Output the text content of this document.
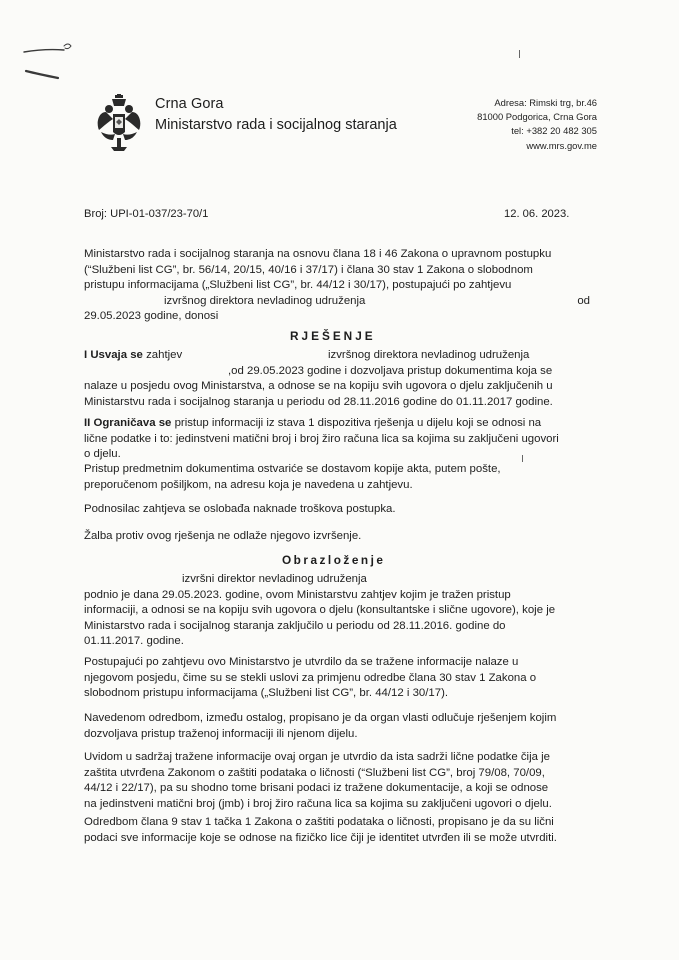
Crna Gora
Ministarstvo rada i socijalnog staranja
Adresa: Rimski trg, br.46
81000 Podgorica, Crna Gora
tel: +382 20 482 305
www.mrs.gov.me
Broj: UPI-01-037/23-70/1	12. 06. 2023.
Ministarstvo rada i socijalnog staranja na osnovu člana 18 i 46 Zakona o upravnom postupku
(“Službeni list CG”, br. 56/14, 20/15, 40/16 i 37/17) i člana 30 stav 1 Zakona o slobodnom
pristupu informacijama („Službeni list CG”, br. 44/12 i 30/17), postupajući po zahtjevu
izvršnog direktora nevladinog udruženja	od
29.05.2023 godine, donosi
RJEŠENJE
I Usvaja se zahtjev	izvršnog direktora nevladinog udruženja
,od 29.05.2023 godine i dozvoljava pristup dokumentima koja se
nalaze u posjedu ovog Ministarstva, a odnose se na kopiju svih ugovora o djelu zaključenih u
Ministarstvu rada i socijalnog staranja u periodu od 28.11.2016 godine do 01.11.2017 godine.
II Ograničava se pristup informaciji iz stava 1 dispozitiva rješenja u dijelu koji se odnosi na
lične podatke i to: jedinstveni matični broj i broj žiro računa lica sa kojima su zaključeni ugovori
o djelu.
Pristup predmetnim dokumentima ostvariće se dostavom kopije akta, putem pošte,
preporučenom pošiljkom, na adresu koja je navedena u zahtjevu.
Podnosilac zahtjeva se oslobađa naknade troškova postupka.
Žalba protiv ovog rješenja ne odlaže njegovo izvršenje.
Obrazloženje
izvršni direktor nevladinog udruženja
podnio je dana 29.05.2023. godine, ovom Ministarstvu zahtjev kojim je tražen pristup
informaciji, a odnosi se na kopiju svih ugovora o djelu (konsultantske i slične ugovore), koje je
Ministarstvo rada i socijalnog staranja zaključilo u periodu od 28.11.2016. godine do
01.11.2017. godine.
Postupajući po zahtjevu ovo Ministarstvo je utvrdilo da se tražene informacije nalaze u
njegovom posjedu, čime su se stekli uslovi za primjenu odredbe člana 30 stav 1 Zakona o
slobodnom pristupu informacijama („Službeni list CG”, br. 44/12 i 30/17).
Navedenom odredbom, između ostalog, propisano je da organ vlasti odlučuje rješenjem kojim
dozvoljava pristup traženoj informaciji ili njenom dijelu.
Uvidom u sadržaj tražene informacije ovaj organ je utvrdio da ista sadrži lične podatke čija je
zaštita utvrđena Zakonom o zaštiti podataka o ličnosti (“Službeni list CG”, broj 79/08, 70/09,
44/12 i 22/17), pa su shodno tome brisani podaci iz tražene dokumentacije, a koji se odnose
na jedinstveni matični broj (jmb) i broj žiro računa lica sa kojima su zaključeni ugovori o djelu.
Odredbom člana 9 stav 1 tačka 1 Zakona o zaštiti podataka o ličnosti, propisano je da su lični
podaci sve informacije koje se odnose na fizičko lice čiji je identitet utvrđen ili se može utvrditi.
